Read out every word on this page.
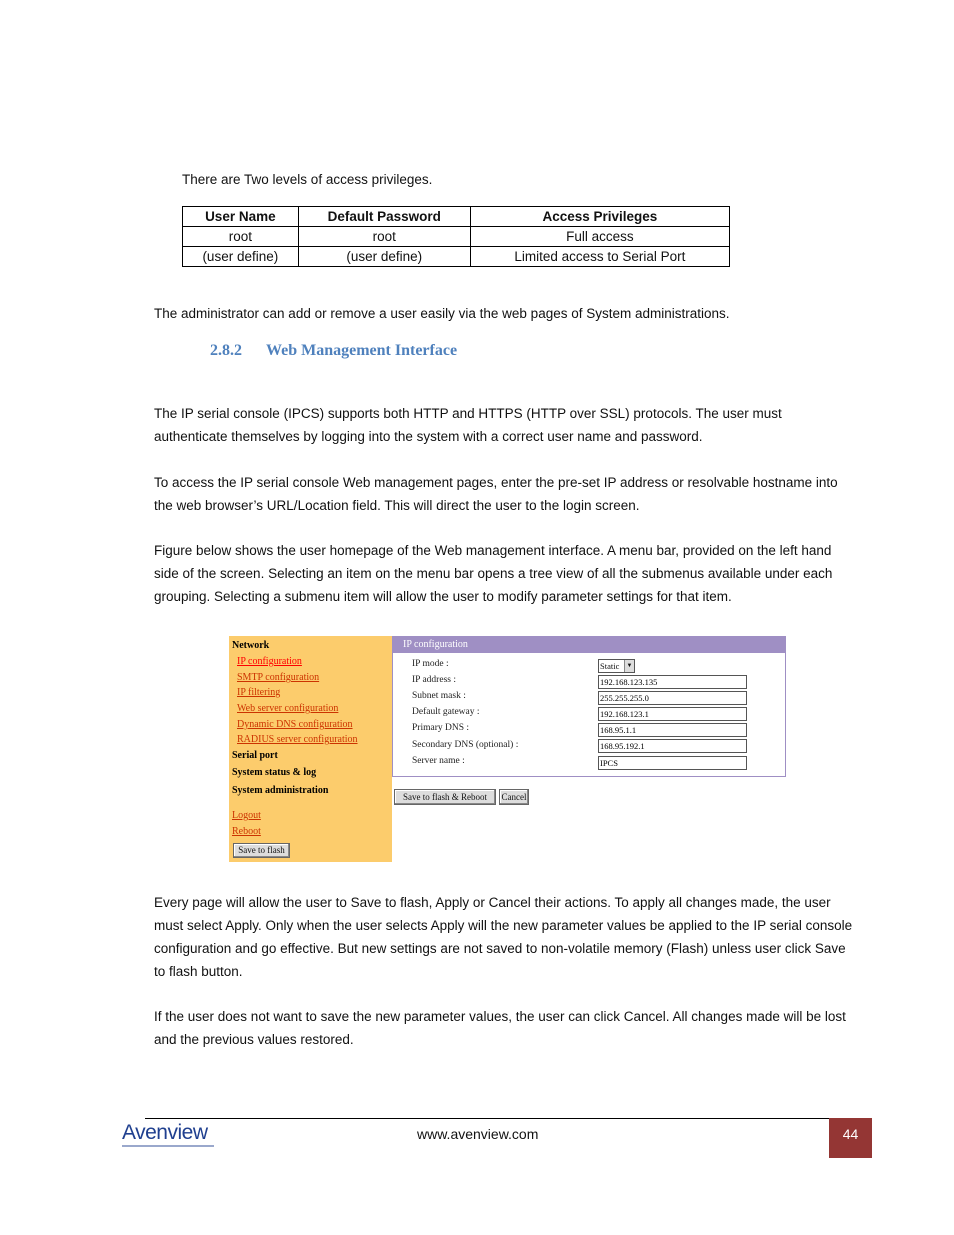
There are Two levels of access privileges.

User Name	Default Password	Access Privileges
root	root	Full access
(user define)	(user define)	Limited access to Serial Port

The administrator can add or remove a user easily via the web pages of System administrations.

2.8.2 Web Management Interface

The IP serial console (IPCS) supports both HTTP and HTTPS (HTTP over SSL) protocols. The user must authenticate themselves by logging into the system with a correct user name and password.

To access the IP serial console Web management pages, enter the pre-set IP address or resolvable hostname into the web browser’s URL/Location field. This will direct the user to the login screen.

Figure below shows the user homepage of the Web management interface. A menu bar, provided on the left hand side of the screen. Selecting an item on the menu bar opens a tree view of all the submenus available under each grouping. Selecting a submenu item will allow the user to modify parameter settings for that item.

Network
IP configuration
SMTP configuration
IP filtering
Web server configuration
Dynamic DNS configuration
RADIUS server configuration
Serial port
System status & log
System administration
Logout
Reboot
Save to flash
IP configuration
IP mode :	Static	▼
IP address :	192.168.123.135
Subnet mask :	255.255.255.0
Default gateway :	192.168.123.1
Primary DNS :	168.95.1.1
Secondary DNS (optional) :	168.95.192.1
Server name :	IPCS
Save to flash & Reboot	Cancel

Every page will allow the user to Save to flash, Apply or Cancel their actions. To apply all changes made, the user must select Apply. Only when the user selects Apply will the new parameter values be applied to the IP serial console configuration and go effective. But new settings are not saved to non-volatile memory (Flash) unless user click Save to flash button.

If the user does not want to save the new parameter values, the user can click Cancel. All changes made will be lost and the previous values restored.

Avenview	www.avenview.com	44
